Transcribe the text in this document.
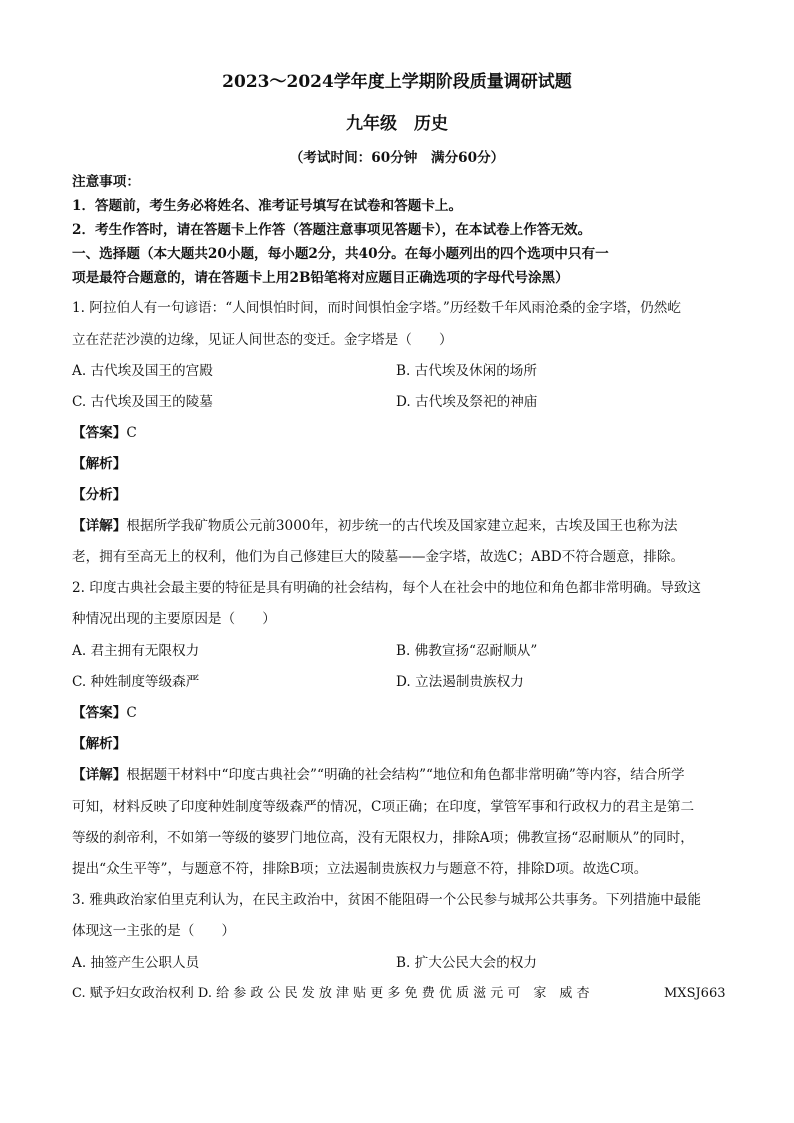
2023～2024学年度上学期阶段质量调研试题
九年级　历史
（考试时间：60分钟　满分60分）
注意事项：
1．答题前，考生务必将姓名、准考证号填写在试卷和答题卡上。
2．考生作答时，请在答题卡上作答（答题注意事项见答题卡），在本试卷上作答无效。
一、选择题（本大题共20小题，每小题2分，共40分。在每小题列出的四个选项中只有一
项是最符合题意的，请在答题卡上用2B铅笔将对应题目正确选项的字母代号涂黑）
1. 阿拉伯人有一句谚语：“人间惧怕时间，而时间惧怕金字塔。”历经数千年风雨沧桑的金字塔，仍然屹
立在茫茫沙漠的边缘，见证人间世态的变迁。金字塔是（　　）
A. 古代埃及国王的宫殿	B. 古代埃及休闲的场所
C. 古代埃及国王的陵墓	D. 古代埃及祭祀的神庙
【答案】C
【解析】
【分析】
【详解】根据所学我矿物质公元前3000年，初步统一的古代埃及国家建立起来，古埃及国王也称为法
老，拥有至高无上的权利，他们为自己修建巨大的陵墓——金字塔，故选C；ABD不符合题意，排除。
2. 印度古典社会最主要的特征是具有明确的社会结构，每个人在社会中的地位和角色都非常明确。导致这
种情况出现的主要原因是（　　）
A. 君主拥有无限权力	B. 佛教宣扬“忍耐顺从”
C. 种姓制度等级森严	D. 立法遏制贵族权力
【答案】C
【解析】
【详解】根据题干材料中“印度古典社会”“明确的社会结构”“地位和角色都非常明确”等内容，结合所学
可知，材料反映了印度种姓制度等级森严的情况，C项正确；在印度，掌管军事和行政权力的君主是第二
等级的刹帝利，不如第一等级的婆罗门地位高，没有无限权力，排除A项；佛教宣扬“忍耐顺从”的同时，
提出“众生平等”，与题意不符，排除B项；立法遏制贵族权力与题意不符，排除D项。故选C项。
3. 雅典政治家伯里克利认为，在民主政治中，贫困不能阻碍一个公民参与城邦公共事务。下列措施中最能
体现这一主张的是（　　）
A. 抽签产生公职人员	B. 扩大公民大会的权力
C. 赋予妇女政治权利 D. 给 参 政 公 民 发 放 津 贴 更 多 免 费 优 质 滋 元 可　家　威 杏	MXSJ663
